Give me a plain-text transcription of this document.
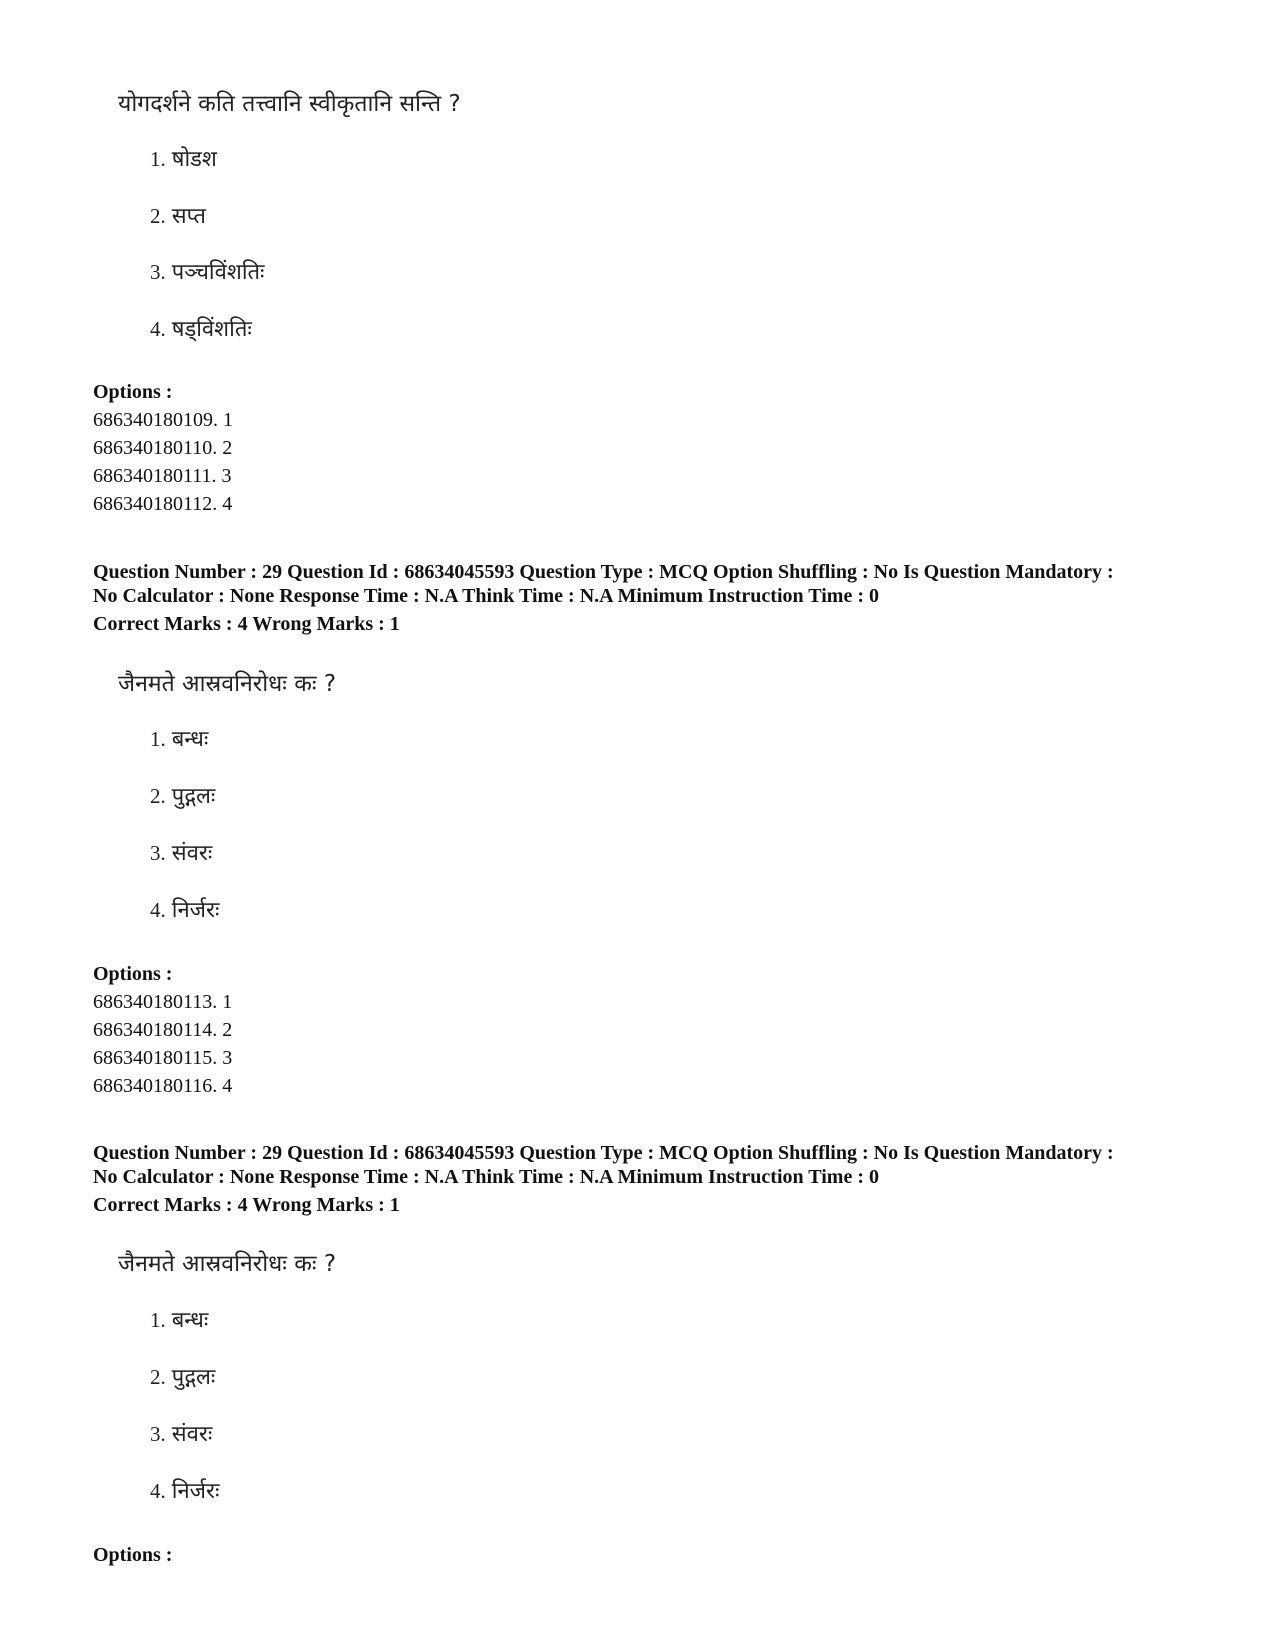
योगदर्शने कति तत्त्वानि स्वीकृतानि सन्ति ?
1. षोडश
2. सप्त
3. पञ्चविंशतिः
4. षड्विंशतिः
Options :
686340180109. 1
686340180110. 2
686340180111. 3
686340180112. 4
Question Number : 29 Question Id : 68634045593 Question Type : MCQ Option Shuffling : No Is Question Mandatory :
No Calculator : None Response Time : N.A Think Time : N.A Minimum Instruction Time : 0
Correct Marks : 4 Wrong Marks : 1
जैनमते आस्रवनिरोधः कः ?
1. बन्धः
2. पुद्गलः
3. संवरः
4. निर्जरः
Options :
686340180113. 1
686340180114. 2
686340180115. 3
686340180116. 4
Question Number : 29 Question Id : 68634045593 Question Type : MCQ Option Shuffling : No Is Question Mandatory :
No Calculator : None Response Time : N.A Think Time : N.A Minimum Instruction Time : 0
Correct Marks : 4 Wrong Marks : 1
जैनमते आस्रवनिरोधः कः ?
1. बन्धः
2. पुद्गलः
3. संवरः
4. निर्जरः
Options :
